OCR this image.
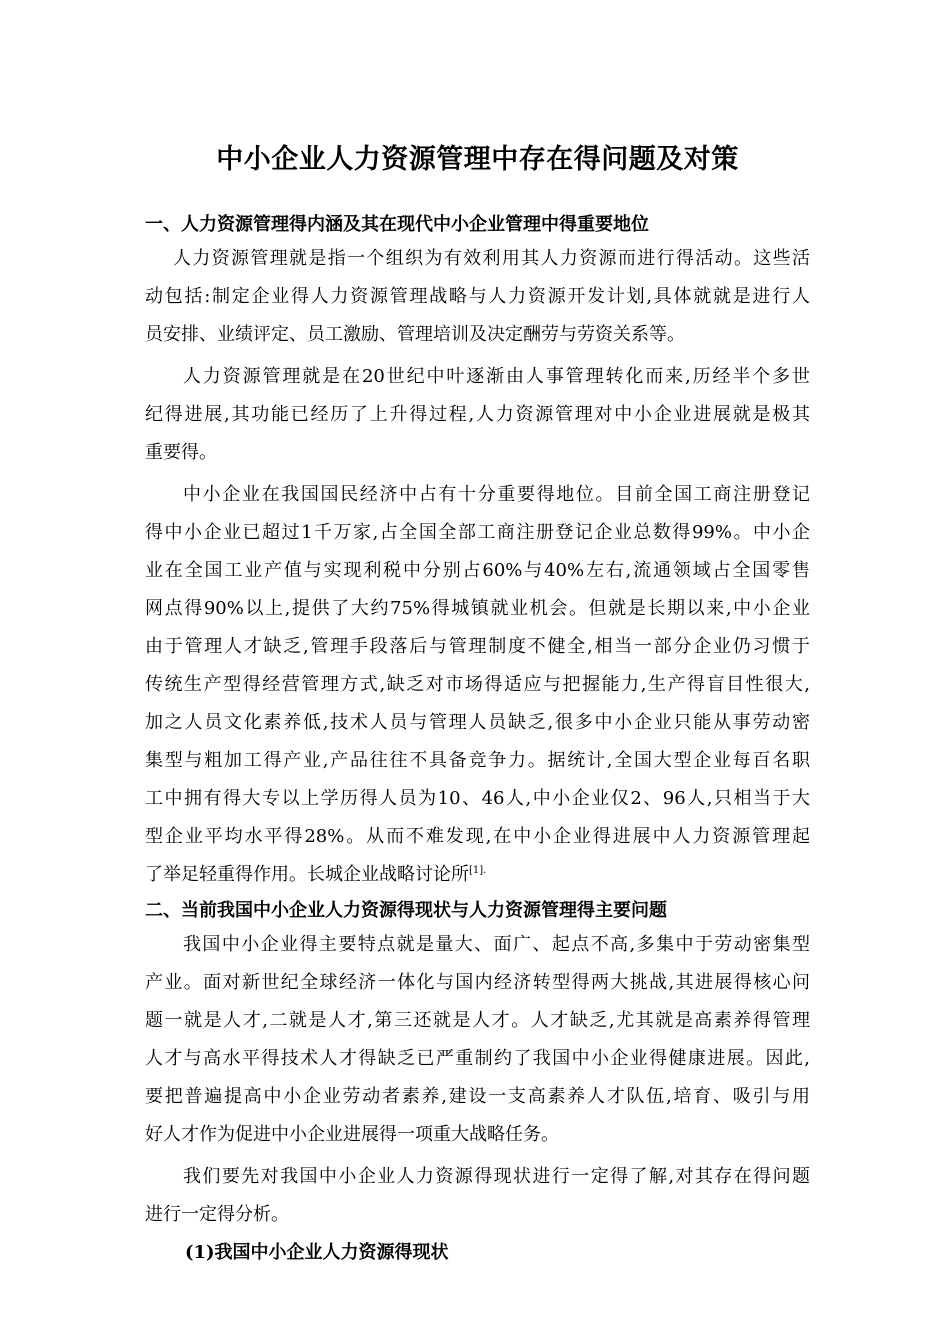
中小企业人力资源管理中存在得问题及对策
一、人力资源管理得内涵及其在现代中小企业管理中得重要地位
人力资源管理就是指一个组织为有效利用其人力资源而进行得活动。这些活
动包括:制定企业得人力资源管理战略与人力资源开发计划,具体就就是进行人
员安排、业绩评定、员工激励、管理培训及决定酬劳与劳资关系等。
人力资源管理就是在20世纪中叶逐渐由人事管理转化而来,历经半个多世
纪得进展,其功能已经历了上升得过程,人力资源管理对中小企业进展就是极其
重要得。
中小企业在我国国民经济中占有十分重要得地位。目前全国工商注册登记
得中小企业已超过1千万家,占全国全部工商注册登记企业总数得99%。中小企
业在全国工业产值与实现利税中分别占60%与40%左右,流通领域占全国零售
网点得90%以上,提供了大约75%得城镇就业机会。但就是长期以来,中小企业
由于管理人才缺乏,管理手段落后与管理制度不健全,相当一部分企业仍习惯于
传统生产型得经营管理方式,缺乏对市场得适应与把握能力,生产得盲目性很大,
加之人员文化素养低,技术人员与管理人员缺乏,很多中小企业只能从事劳动密
集型与粗加工得产业,产品往往不具备竞争力。据统计,全国大型企业每百名职
工中拥有得大专以上学历得人员为10、46人,中小企业仅2、96人,只相当于大
型企业平均水平得28%。从而不难发现,在中小企业得进展中人力资源管理起
了举足轻重得作用。长城企业战略讨论所$^{[1].}$
二、当前我国中小企业人力资源得现状与人力资源管理得主要问题
我国中小企业得主要特点就是量大、面广、起点不高,多集中于劳动密集型
产业。面对新世纪全球经济一体化与国内经济转型得两大挑战,其进展得核心问
题一就是人才,二就是人才,第三还就是人才。人才缺乏,尤其就是高素养得管理
人才与高水平得技术人才得缺乏已严重制约了我国中小企业得健康进展。因此,
要把普遍提高中小企业劳动者素养,建设一支高素养人才队伍,培育、吸引与用
好人才作为促进中小企业进展得一项重大战略任务。
我们要先对我国中小企业人力资源得现状进行一定得了解,对其存在得问题
进行一定得分析。
(1)我国中小企业人力资源得现状
